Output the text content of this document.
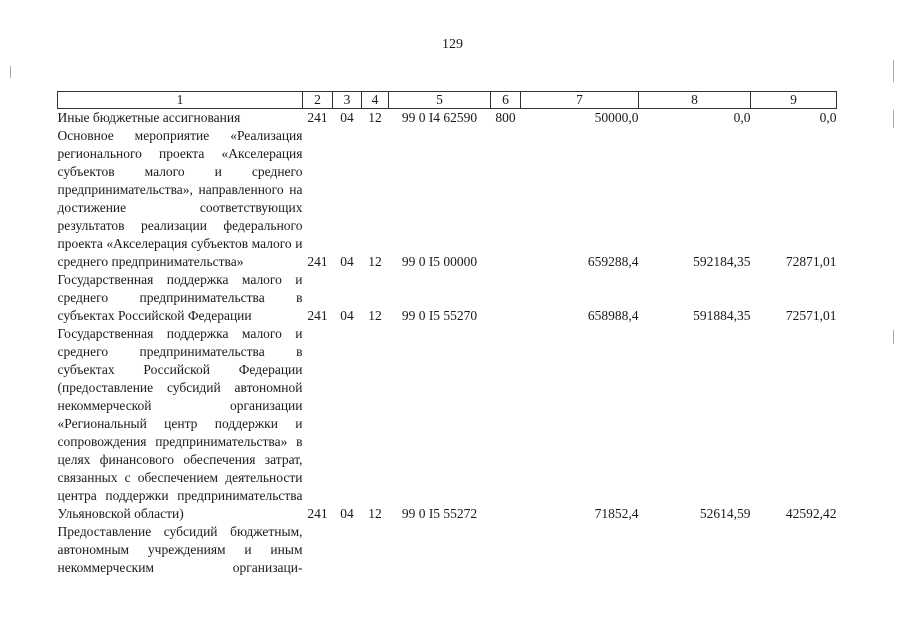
129
1	2	3	4	5	6	7	8	9
Иные бюджетные ассигнования	241	04	12	99 0 I4 62590	800	50000,0	0,0	0,0
Основное мероприятие «Реализация регионального проекта «Акселерация субъектов малого и среднего предпринимательства», направленного на достижение соответствующих результатов реализации федерального проекта «Акселерация субъектов малого и среднего предпринимательства»	241	04	12	99 0 I5 00000		659288,4	592184,35	72871,01
Государственная поддержка малого и среднего предпринимательства в субъектах Российской Федерации	241	04	12	99 0 I5 55270		658988,4	591884,35	72571,01
Государственная поддержка малого и среднего предпринимательства в субъектах Российской Федерации (предоставление субсидий автономной некоммерческой организации «Региональный центр поддержки и сопровождения предпринимательства» в целях финансового обеспечения затрат, связанных с обеспечением деятельности центра поддержки предпринимательства Ульяновской области)	241	04	12	99 0 I5 55272		71852,4	52614,59	42592,42
Предоставление субсидий бюджетным, автономным учреждениям и иным некоммерческим организаци-								
